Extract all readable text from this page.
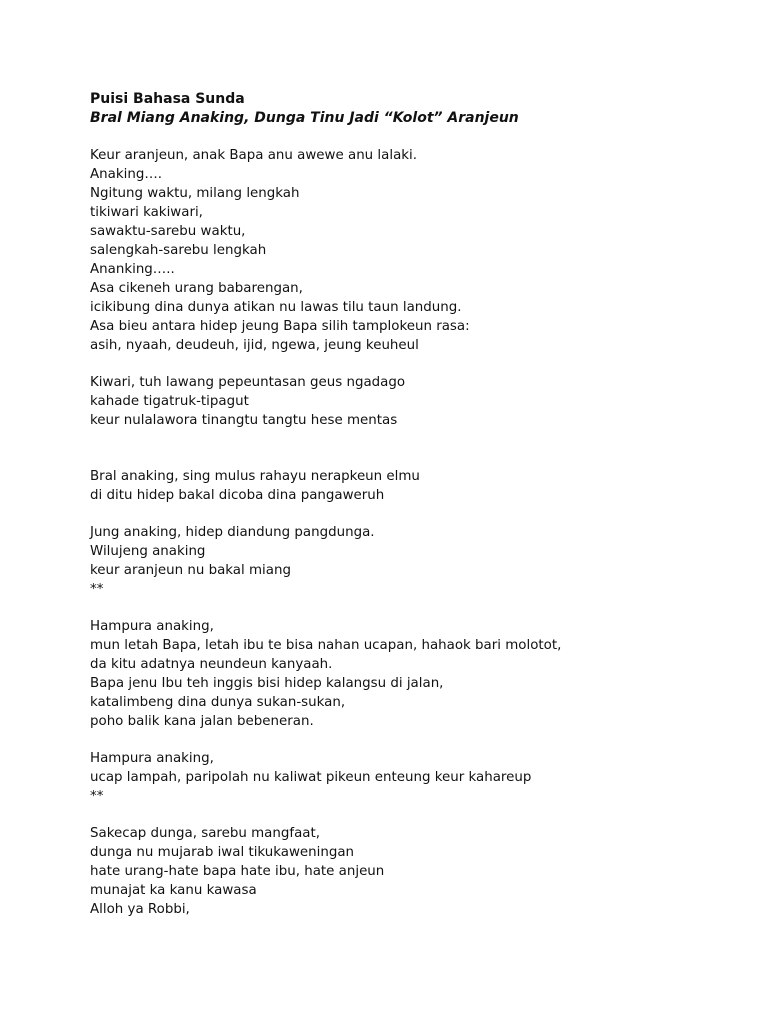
Puisi Bahasa Sunda
Bral Miang Anaking, Dunga Tinu Jadi “Kolot” Aranjeun
Keur aranjeun, anak Bapa anu awewe anu lalaki.
Anaking….
Ngitung waktu, milang lengkah
tikiwari kakiwari,
sawaktu-sarebu waktu,
salengkah-sarebu lengkah
Ananking…..
Asa cikeneh urang babarengan,
icikibung dina dunya atikan nu lawas tilu taun landung.
Asa bieu antara hidep jeung Bapa silih tamplokeun rasa:
asih, nyaah, deudeuh, ijid, ngewa, jeung keuheul
Kiwari, tuh lawang pepeuntasan geus ngadago
kahade tigatruk-tipagut
keur nulalawora tinangtu tangtu hese mentas
Bral anaking, sing mulus rahayu nerapkeun elmu
di ditu hidep bakal dicoba dina pangaweruh
Jung anaking, hidep diandung pangdunga.
Wilujeng anaking
keur aranjeun nu bakal miang
**
Hampura anaking,
mun letah Bapa, letah ibu te bisa nahan ucapan, hahaok bari molotot,
da kitu adatnya neundeun kanyaah.
Bapa jenu Ibu teh inggis bisi hidep kalangsu di jalan,
katalimbeng dina dunya sukan-sukan,
poho balik kana jalan bebeneran.
Hampura anaking,
ucap lampah, paripolah nu kaliwat pikeun enteung keur kahareup
**
Sakecap dunga, sarebu mangfaat,
dunga nu mujarab iwal tikukaweningan
hate urang-hate bapa hate ibu, hate anjeun
munajat ka kanu kawasa
Alloh ya Robbi,
